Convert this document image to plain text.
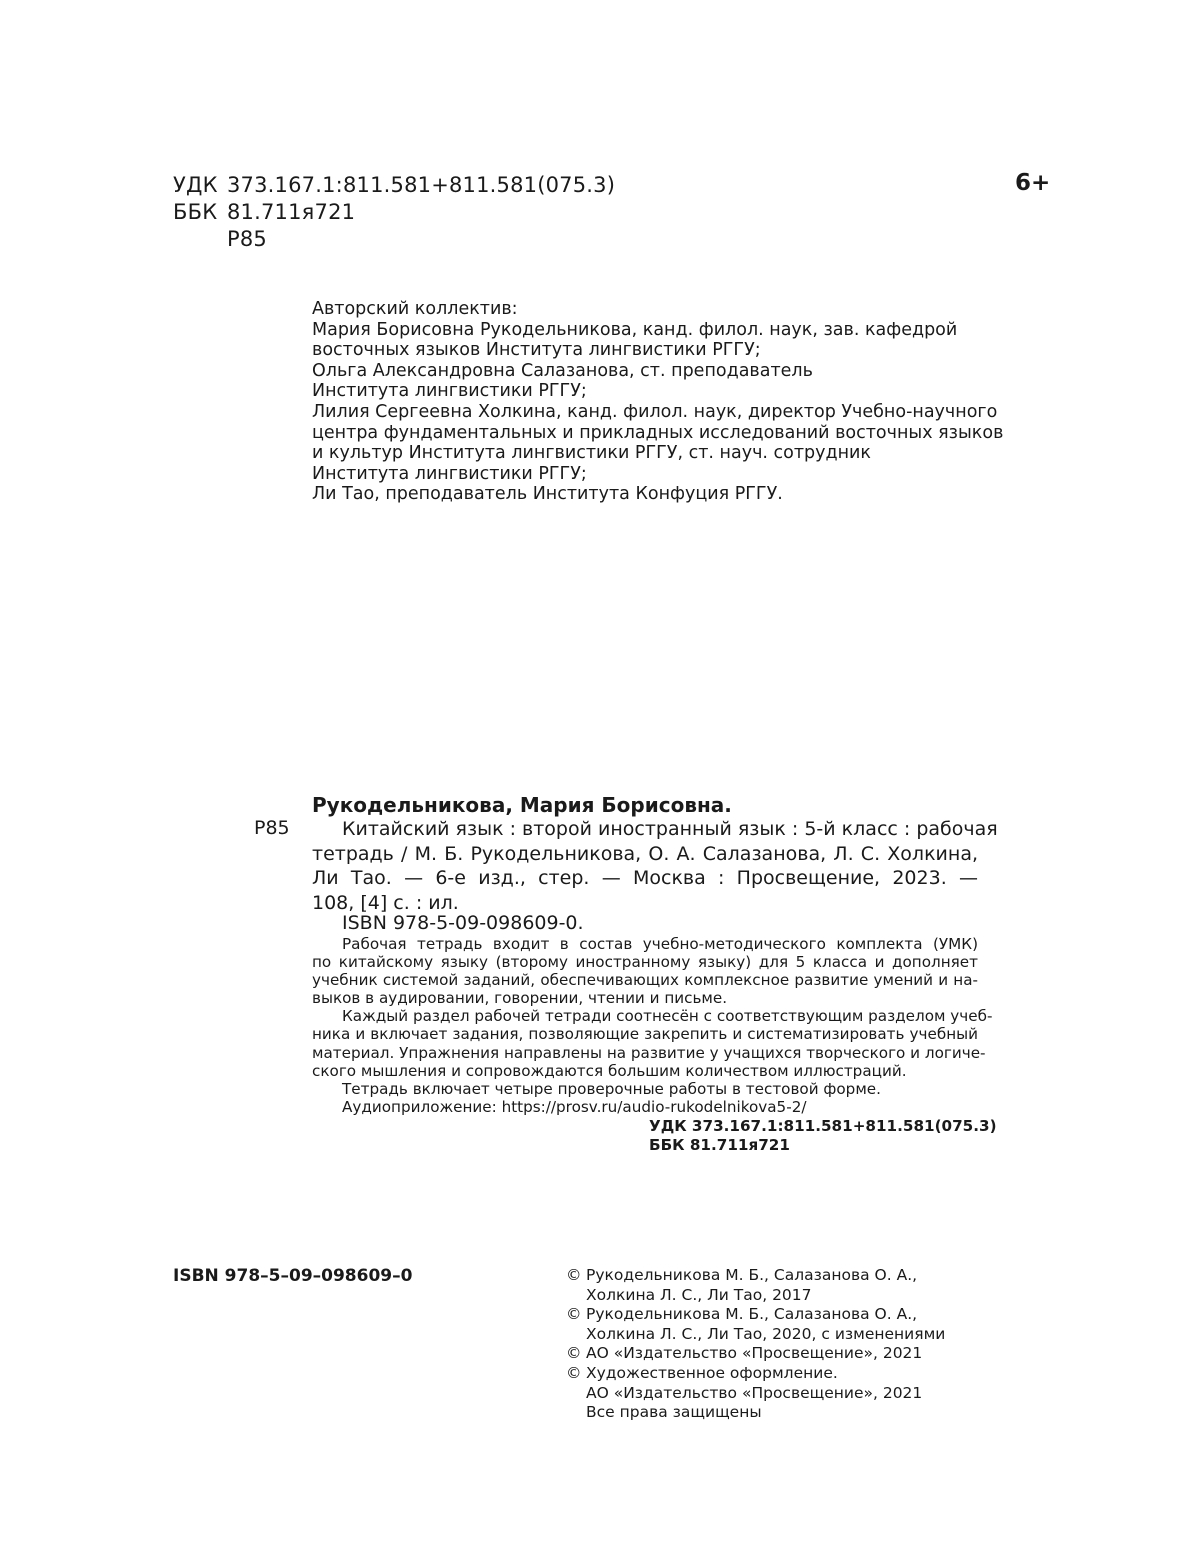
УДК 373.167.1:811.581+811.581(075.3)
ББК 81.711я721
Р85
6+
Авторский коллектив:
Мария Борисовна Рукодельникова, канд. филол. наук, зав. кафедрой
восточных языков Института лингвистики РГГУ;
Ольга Александровна Салазанова, ст. преподаватель
Института лингвистики РГГУ;
Лилия Сергеевна Холкина, канд. филол. наук, директор Учебно-научного
центра фундаментальных и прикладных исследований восточных языков
и культур Института лингвистики РГГУ, ст. науч. сотрудник
Института лингвистики РГГУ;
Ли Тао, преподаватель Института Конфуция РГГУ.
Рукодельникова, Мария Борисовна.
Р85	Китайский язык : второй иностранный язык : 5-й класс : рабочая
тетрадь / М. Б. Рукодельникова, О. А. Салазанова, Л. С. Холкина,
Ли Тао. — 6-е изд., стер. — Москва : Просвещение, 2023. —
108, [4] с. : ил.
ISBN 978-5-09-098609-0.
Рабочая тетрадь входит в состав учебно-методического комплекта (УМК)
по китайскому языку (второму иностранному языку) для 5 класса и дополняет
учебник системой заданий, обеспечивающих комплексное развитие умений и на-
выков в аудировании, говорении, чтении и письме.
Каждый раздел рабочей тетради соотнесён с соответствующим разделом учеб-
ника и включает задания, позволяющие закрепить и систематизировать учебный
материал. Упражнения направлены на развитие у учащихся творческого и логиче-
ского мышления и сопровождаются большим количеством иллюстраций.
Тетрадь включает четыре проверочные работы в тестовой форме.
Аудиоприложение: https://prosv.ru/audio-rukodelnikova5-2/
УДК 373.167.1:811.581+811.581(075.3)
ББК 81.711я721
ISBN 978–5–09–098609–0	© Рукодельникова М. Б., Салазанова О. А.,
Холкина Л. С., Ли Тао, 2017
© Рукодельникова М. Б., Салазанова О. А.,
Холкина Л. С., Ли Тао, 2020, с изменениями
© АО «Издательство «Просвещение», 2021
© Художественное оформление.
АО «Издательство «Просвещение», 2021
Все права защищены
